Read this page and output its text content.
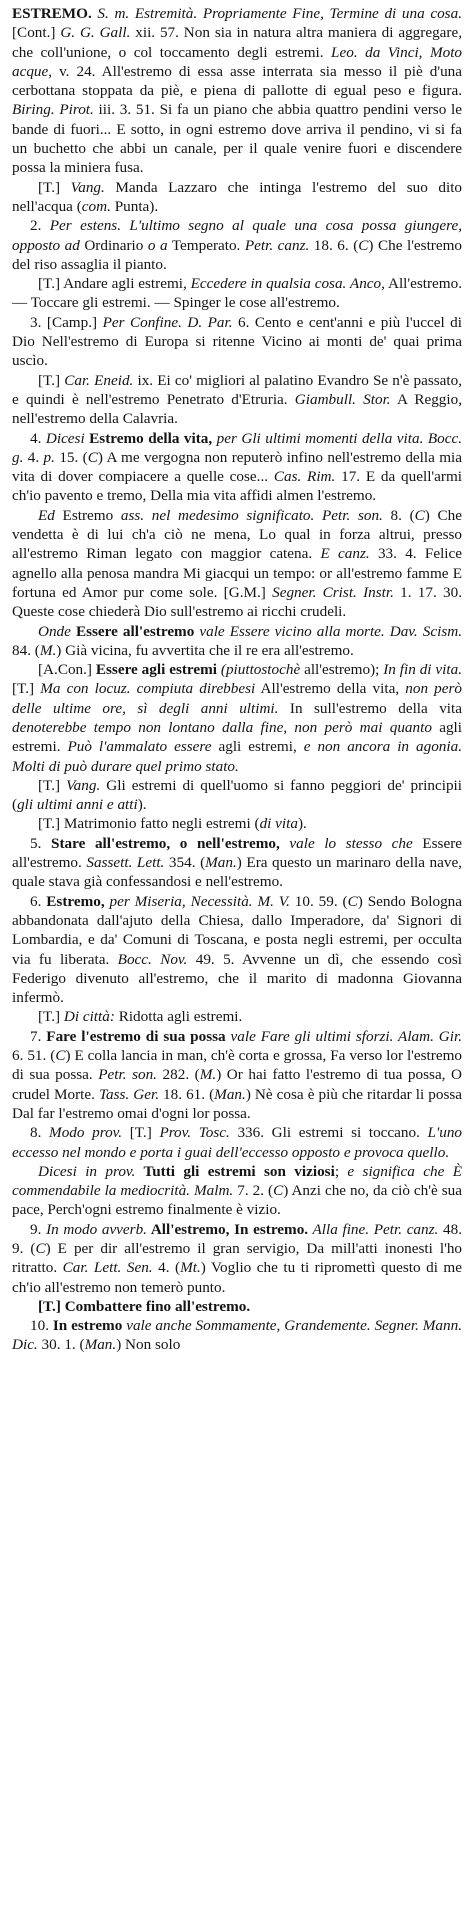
ESTREMO. S. m. Estremità. Propriamente Fine, Termine di una cosa. [Cont.] G. G. Gall. xii. 57. Non sia in natura altra maniera di aggregare, che coll'unione, o col toccamento degli estremi. Leo. da Vinci, Moto acque, v. 24. All'estremo di essa asse interrata sia messo il piè d'una cerbottana stoppata da piè, e piena di pallotte di egual peso e figura. Biring. Pirot. iii. 3. 51. Si fa un piano che abbia quattro pendini verso le bande di fuori... E sotto, in ogni estremo dove arriva il pendino, vi si fa un buchetto che abbi un canale, per il quale venire fuori e discendere possa la miniera fusa.

[T.] Vang. Manda Lazzaro che intinga l'estremo del suo dito nell'acqua (com. Punta).

2. Per estens. L'ultimo segno al quale una cosa possa giungere, opposto ad Ordinario o a Temperato. Petr. canz. 18. 6. (C) Che l'estremo del riso assaglia il pianto.

[T.] Andare agli estremi, Eccedere in qualsia cosa. Anco, All'estremo. — Toccare gli estremi. — Spinger le cose all'estremo.

3. [Camp.] Per Confine. D. Par. 6. Cento e cent'anni e più l'uccel di Dio Nell'estremo di Europa si ritenne Vicino ai monti de' quai prima uscìo.

[T.] Car. Eneid. ix. Ei co' migliori al palatino Evandro Se n'è passato, e quindi è nell'estremo Penetrato d'Etruria. Giambull. Stor. A Reggio, nell'estremo della Calavria.

4. Dicesi Estremo della vita, per Gli ultimi momenti della vita. Bocc. g. 4. p. 15. (C) A me vergogna non reputerò infino nell'estremo della mia vita di dover compiacere a quelle cose... Cas. Rim. 17. E da quell'armi ch'io pavento e tremo, Della mia vita affidi almen l'estremo.

Ed Estremo ass. nel medesimo significato. Petr. son. 8. (C) Che vendetta è di lui ch'a ciò ne mena, Lo qual in forza altrui, presso all'estremo Riman legato con maggior catena. E canz. 33. 4. Felice agnello alla penosa mandra Mi giacqui un tempo: or all'estremo famme E fortuna ed Amor pur come sole. [G.M.] Segner. Crist. Instr. 1. 17. 30. Queste cose chiederà Dio sull'estremo ai ricchi crudeli.

Onde Essere all'estremo vale Essere vicino alla morte. Dav. Scism. 84. (M.) Già vicina, fu avvertita che il re era all'estremo.

[A.Con.] Essere agli estremi (piuttostochè all'estremo); In fin di vita. [T.] Ma con locuz. compiuta direbbesi All'estremo della vita, non però delle ultime ore, sì degli anni ultimi. In sull'estremo della vita denoterebbe tempo non lontano dalla fine, non però mai quanto agli estremi. Può l'ammalato essere agli estremi, e non ancora in agonia. Molti di può durare quel primo stato.

[T.] Vang. Gli estremi di quell'uomo si fanno peggiori de' principii (gli ultimi anni e atti).

[T.] Matrimonio fatto negli estremi (di vita).

5. Stare all'estremo, o nell'estremo, vale lo stesso che Essere all'estremo. Sassett. Lett. 354. (Man.) Era questo un marinaro della nave, quale stava già confessandosi e nell'estremo.

6. Estremo, per Miseria, Necessità. M. V. 10. 59. (C) Sendo Bologna abbandonata dall'ajuto della Chiesa, dallo Imperadore, da' Signori di Lombardia, e da' Comuni di Toscana, e posta negli estremi, per occulta via fu liberata. Bocc. Nov. 49. 5. Avvenne un dì, che essendo così Federigo divenuto all'estremo, che il marito di madonna Giovanna infermò.

[T.] Di città: Ridotta agli estremi.

7. Fare l'estremo di sua possa vale Fare gli ultimi sforzi. Alam. Gir. 6. 51. (C) E colla lancia in man, ch'è corta e grossa, Fa verso lor l'estremo di sua possa. Petr. son. 282. (M.) Or hai fatto l'estremo di tua possa, O crudel Morte. Tass. Ger. 18. 61. (Man.) Nè cosa è più che ritardar li possa Dal far l'estremo omai d'ogni lor possa.

8. Modo prov. [T.] Prov. Tosc. 336. Gli estremi si toccano. L'uno eccesso nel mondo e porta i guai dell'eccesso opposto e provoca quello.

Dicesi in prov. Tutti gli estremi son viziosi; e significa che È commendabile la mediocrità. Malm. 7. 2. (C) Anzi che no, da ciò ch'è sua pace, Perch'ogni estremo finalmente è vizio.

9. In modo avverb. All'estremo, In estremo. Alla fine. Petr. canz. 48. 9. (C) E per dir all'estremo il gran servigio, Da mill'atti inonesti l'ho ritratto. Car. Lett. Sen. 4. (Mt.) Voglio che tu ti ripromettì questo di me ch'io all'estremo non temerò punto.

[T.] Combattere fino all'estremo.

10. In estremo vale anche Sommamente, Grandemente. Segner. Mann. Dic. 30. 1. (Man.) Non solo
